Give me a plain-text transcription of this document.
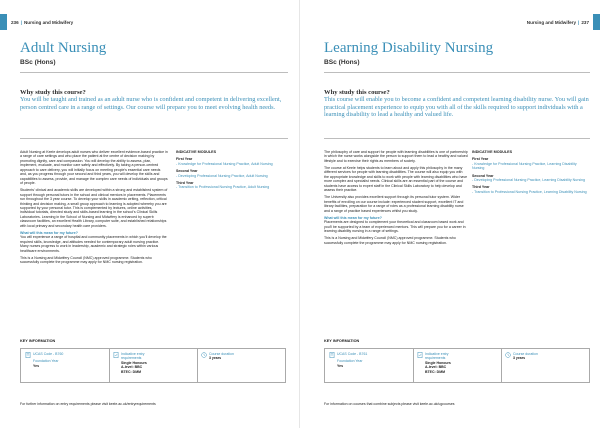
236 | Nursing and Midwifery
Adult Nursing
BSc (Hons)
Why study this course?

You will be taught and trained as an adult nurse who is confident and competent in delivering excellent, person centred care in a range of settings. Our course will prepare you to meet evolving health needs.

Adult Nursing at Keele develops adult nurses who deliver excellent evidence-based practice in a range of care settings and who place the patient at the centre of decision making by promoting dignity, care and compassion. You will develop the ability to assess, plan, implement, evaluate, and monitor care safely and effectively. By taking a person-centred approach to care delivery, you will initially focus on meeting people's essential care needs and, as you progress through your second and third years, you will develop the skills and capabilities to assess, provide, and manage the complex care needs of individuals and groups of people.

Students' clinical and academic skills are developed within a strong and established system of support through personal tutors in the school and clinical mentors in placements. Placements run throughout the 3 year course. To develop your skills in academic writing, reflection, critical thinking and decision making, a small group approach to learning is adopted whereby you are supported by your personal tutor. This is complemented by lectures, online activities, individual tutorials, directed study and skills-based learning in the school's Clinical Skills Laboratories. Learning in the School of Nursing and Midwifery is enhanced by superb classroom facilities, an excellent Health Library, computer suite, and established relationships with local primary and secondary health care providers.

What will this mean for my future?

You will experience a range of hospital and community placements in which you'll develop the required skills, knowledge, and attitudes needed for contemporary adult nursing practice. Many nurses progress to work in leadership, academic and strategic roles within various healthcare environments.

This is a Nursing and Midwifery Council (NMC) approved programme. Students who successfully complete the programme may apply for NMC nursing registration.

INDICATIVE MODULES
First Year
- Knowledge for Professional Nursing Practice, Adult Nursing
Second Year
- Developing Professional Nursing Practice, Adult Nursing
Third Year
- Transition to Professional Nursing Practice, Adult Nursing
KEY INFORMATION
UCAS Code - B760
Foundation Year
Yes
Indicative entry requirements
Single Honours
A-level: BBC
BTEC: DMM
Course duration
3 years
For further information on entry requirements please visit keele.ac.uk/entryrequirements
Nursing and Midwifery | 237
Learning Disability Nursing
BSc (Hons)
Why study this course?

This course will enable you to become a confident and competent learning disability nurse. You will gain practical placement experience to equip you with all of the skills required to support individuals with a learning disability to lead a healthy and valued life.

The philosophy of care and support for people with learning disabilities is one of partnership in which the nurse works alongside the person to support them to lead a healthy and valued lifestyle and to exercise their rights as members of society.

The course at Keele helps students to learn about and apply this philosophy in the many different services for people with learning disabilities. The course will also equip you with the appropriate knowledge and skills to work with people with learning disabilities who have more complex and specialist needs. Clinical skills are an essential part of the course and students have access to expert staff in the Clinical Skills Laboratory to help develop and assess their practice.

The University also provides excellent support through its personal tutor system. Wider benefits of enrolling on our course include: experienced student support, excellent IT and library facilities, preparation for a range of roles as a professional learning disability nurse and a range of practice based experiences whilst you study.

What will this mean for my future?

Placements are designed to complement your theoretical and classroom based work and you'll be supported by a team of experienced mentors. This will prepare you for a career in learning disability nursing in a range of settings.

This is a Nursing and Midwifery Council (NMC) approved programme. Students who successfully complete the programme may apply for NMC nursing registration.

INDICATIVE MODULES
First Year
- Knowledge for Professional Nursing Practice, Learning Disability Nursing
Second Year
- Developing Professional Nursing Practice, Learning Disability Nursing
Third Year
- Transition to Professional Nursing Practice, Learning Disability Nursing
KEY INFORMATION
UCAS Code - B761
Foundation Year
Yes
Indicative entry requirements
Single Honours
A-level: BBC
BTEC: DMM
Course duration
3 years
For information on courses that combine subjects please visit keele.ac.uk/ugcourses
